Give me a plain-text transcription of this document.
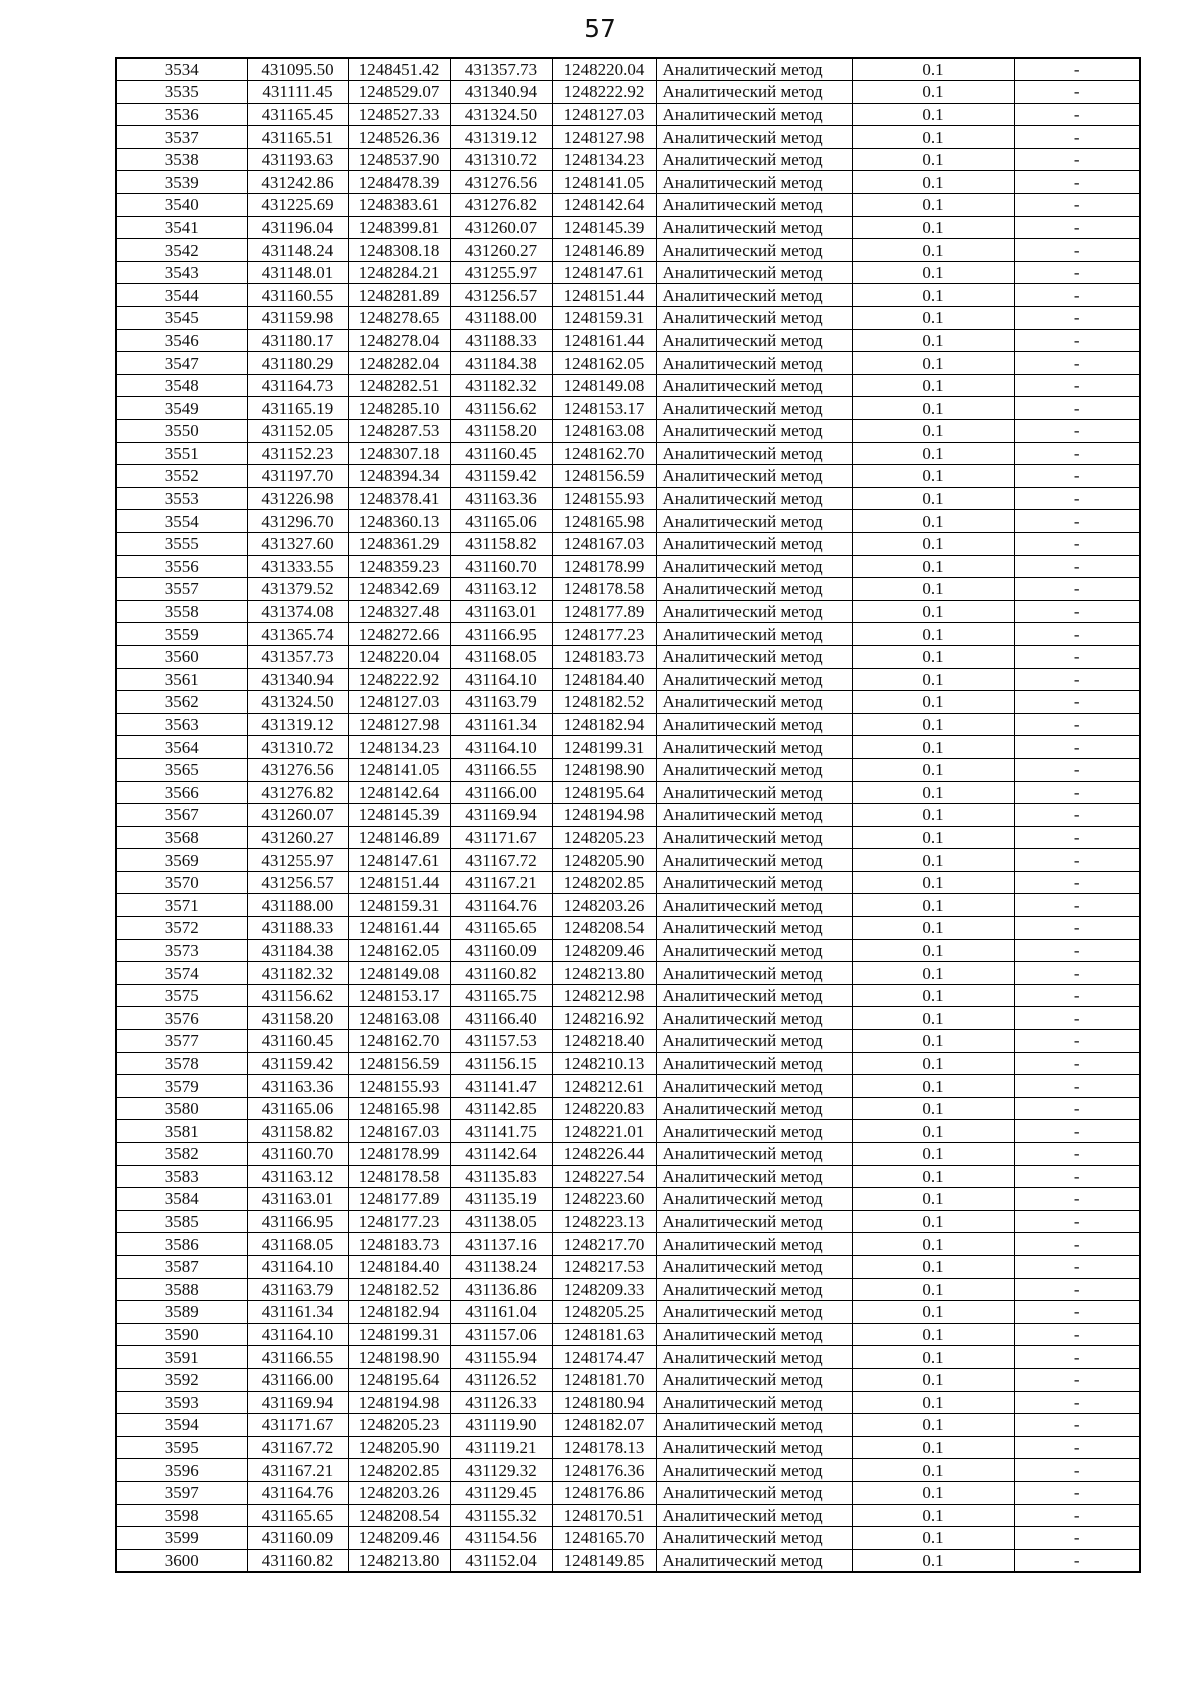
57
3534	431095.50	1248451.42	431357.73	1248220.04	Аналитический метод	0.1	-
3535	431111.45	1248529.07	431340.94	1248222.92	Аналитический метод	0.1	-
3536	431165.45	1248527.33	431324.50	1248127.03	Аналитический метод	0.1	-
3537	431165.51	1248526.36	431319.12	1248127.98	Аналитический метод	0.1	-
3538	431193.63	1248537.90	431310.72	1248134.23	Аналитический метод	0.1	-
3539	431242.86	1248478.39	431276.56	1248141.05	Аналитический метод	0.1	-
3540	431225.69	1248383.61	431276.82	1248142.64	Аналитический метод	0.1	-
3541	431196.04	1248399.81	431260.07	1248145.39	Аналитический метод	0.1	-
3542	431148.24	1248308.18	431260.27	1248146.89	Аналитический метод	0.1	-
3543	431148.01	1248284.21	431255.97	1248147.61	Аналитический метод	0.1	-
3544	431160.55	1248281.89	431256.57	1248151.44	Аналитический метод	0.1	-
3545	431159.98	1248278.65	431188.00	1248159.31	Аналитический метод	0.1	-
3546	431180.17	1248278.04	431188.33	1248161.44	Аналитический метод	0.1	-
3547	431180.29	1248282.04	431184.38	1248162.05	Аналитический метод	0.1	-
3548	431164.73	1248282.51	431182.32	1248149.08	Аналитический метод	0.1	-
3549	431165.19	1248285.10	431156.62	1248153.17	Аналитический метод	0.1	-
3550	431152.05	1248287.53	431158.20	1248163.08	Аналитический метод	0.1	-
3551	431152.23	1248307.18	431160.45	1248162.70	Аналитический метод	0.1	-
3552	431197.70	1248394.34	431159.42	1248156.59	Аналитический метод	0.1	-
3553	431226.98	1248378.41	431163.36	1248155.93	Аналитический метод	0.1	-
3554	431296.70	1248360.13	431165.06	1248165.98	Аналитический метод	0.1	-
3555	431327.60	1248361.29	431158.82	1248167.03	Аналитический метод	0.1	-
3556	431333.55	1248359.23	431160.70	1248178.99	Аналитический метод	0.1	-
3557	431379.52	1248342.69	431163.12	1248178.58	Аналитический метод	0.1	-
3558	431374.08	1248327.48	431163.01	1248177.89	Аналитический метод	0.1	-
3559	431365.74	1248272.66	431166.95	1248177.23	Аналитический метод	0.1	-
3560	431357.73	1248220.04	431168.05	1248183.73	Аналитический метод	0.1	-
3561	431340.94	1248222.92	431164.10	1248184.40	Аналитический метод	0.1	-
3562	431324.50	1248127.03	431163.79	1248182.52	Аналитический метод	0.1	-
3563	431319.12	1248127.98	431161.34	1248182.94	Аналитический метод	0.1	-
3564	431310.72	1248134.23	431164.10	1248199.31	Аналитический метод	0.1	-
3565	431276.56	1248141.05	431166.55	1248198.90	Аналитический метод	0.1	-
3566	431276.82	1248142.64	431166.00	1248195.64	Аналитический метод	0.1	-
3567	431260.07	1248145.39	431169.94	1248194.98	Аналитический метод	0.1	-
3568	431260.27	1248146.89	431171.67	1248205.23	Аналитический метод	0.1	-
3569	431255.97	1248147.61	431167.72	1248205.90	Аналитический метод	0.1	-
3570	431256.57	1248151.44	431167.21	1248202.85	Аналитический метод	0.1	-
3571	431188.00	1248159.31	431164.76	1248203.26	Аналитический метод	0.1	-
3572	431188.33	1248161.44	431165.65	1248208.54	Аналитический метод	0.1	-
3573	431184.38	1248162.05	431160.09	1248209.46	Аналитический метод	0.1	-
3574	431182.32	1248149.08	431160.82	1248213.80	Аналитический метод	0.1	-
3575	431156.62	1248153.17	431165.75	1248212.98	Аналитический метод	0.1	-
3576	431158.20	1248163.08	431166.40	1248216.92	Аналитический метод	0.1	-
3577	431160.45	1248162.70	431157.53	1248218.40	Аналитический метод	0.1	-
3578	431159.42	1248156.59	431156.15	1248210.13	Аналитический метод	0.1	-
3579	431163.36	1248155.93	431141.47	1248212.61	Аналитический метод	0.1	-
3580	431165.06	1248165.98	431142.85	1248220.83	Аналитический метод	0.1	-
3581	431158.82	1248167.03	431141.75	1248221.01	Аналитический метод	0.1	-
3582	431160.70	1248178.99	431142.64	1248226.44	Аналитический метод	0.1	-
3583	431163.12	1248178.58	431135.83	1248227.54	Аналитический метод	0.1	-
3584	431163.01	1248177.89	431135.19	1248223.60	Аналитический метод	0.1	-
3585	431166.95	1248177.23	431138.05	1248223.13	Аналитический метод	0.1	-
3586	431168.05	1248183.73	431137.16	1248217.70	Аналитический метод	0.1	-
3587	431164.10	1248184.40	431138.24	1248217.53	Аналитический метод	0.1	-
3588	431163.79	1248182.52	431136.86	1248209.33	Аналитический метод	0.1	-
3589	431161.34	1248182.94	431161.04	1248205.25	Аналитический метод	0.1	-
3590	431164.10	1248199.31	431157.06	1248181.63	Аналитический метод	0.1	-
3591	431166.55	1248198.90	431155.94	1248174.47	Аналитический метод	0.1	-
3592	431166.00	1248195.64	431126.52	1248181.70	Аналитический метод	0.1	-
3593	431169.94	1248194.98	431126.33	1248180.94	Аналитический метод	0.1	-
3594	431171.67	1248205.23	431119.90	1248182.07	Аналитический метод	0.1	-
3595	431167.72	1248205.90	431119.21	1248178.13	Аналитический метод	0.1	-
3596	431167.21	1248202.85	431129.32	1248176.36	Аналитический метод	0.1	-
3597	431164.76	1248203.26	431129.45	1248176.86	Аналитический метод	0.1	-
3598	431165.65	1248208.54	431155.32	1248170.51	Аналитический метод	0.1	-
3599	431160.09	1248209.46	431154.56	1248165.70	Аналитический метод	0.1	-
3600	431160.82	1248213.80	431152.04	1248149.85	Аналитический метод	0.1	-
